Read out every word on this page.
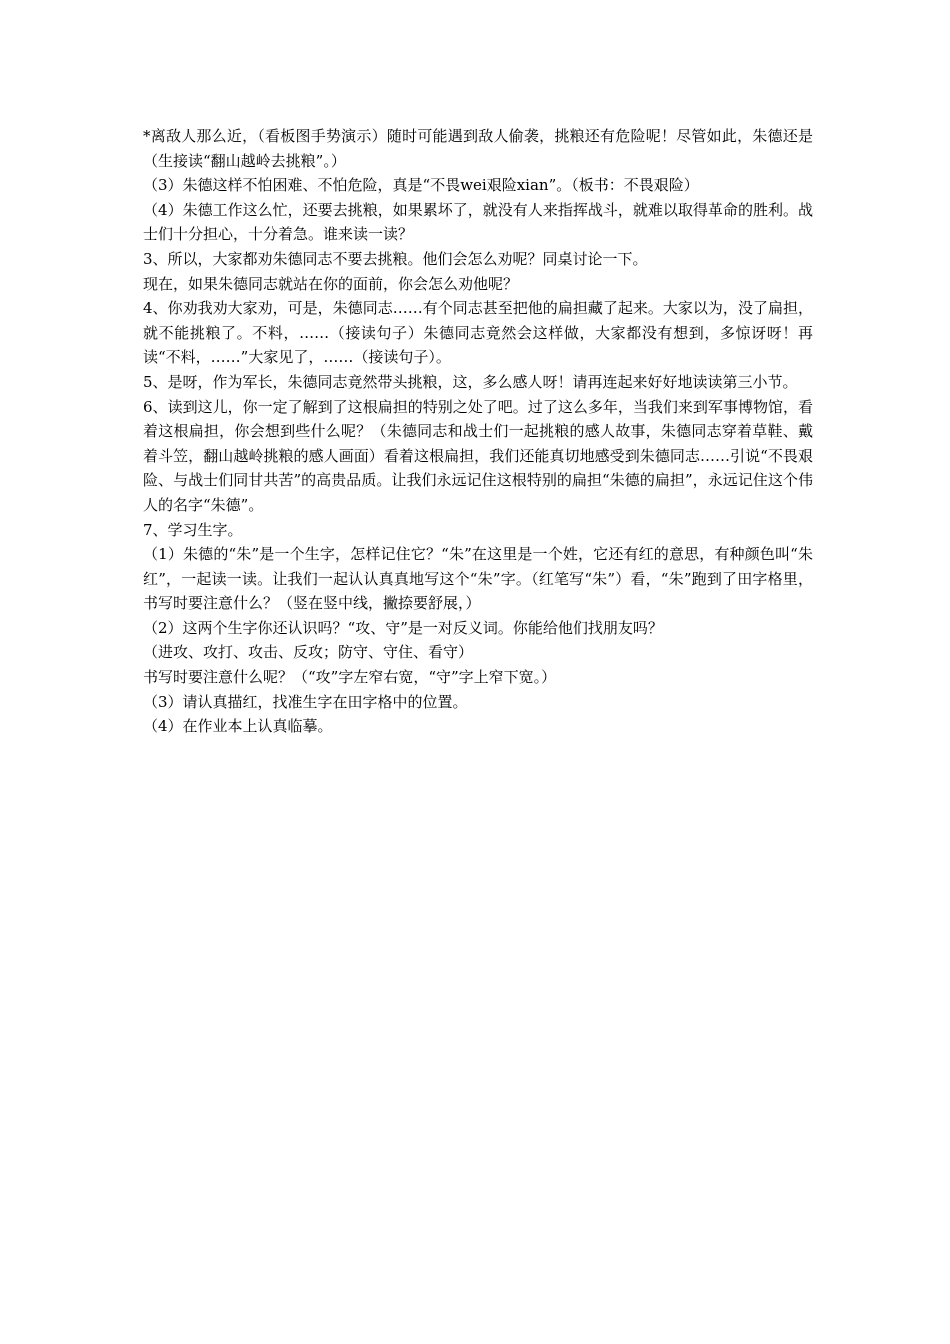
*离敌人那么近，（看板图手势演示）随时可能遇到敌人偷袭，挑粮还有危险呢！尽管如此，朱德还是（生接读“翻山越岭去挑粮”。）

（3）朱德这样不怕困难、不怕危险，真是“不畏wei艰险xian”。（板书：不畏艰险）

（4）朱德工作这么忙，还要去挑粮，如果累坏了，就没有人来指挥战斗，就难以取得革命的胜利。战士们十分担心，十分着急。谁来读一读？

3、所以，大家都劝朱德同志不要去挑粮。他们会怎么劝呢？同桌讨论一下。

现在，如果朱德同志就站在你的面前，你会怎么劝他呢？

4、你劝我劝大家劝，可是，朱德同志……有个同志甚至把他的扁担藏了起来。大家以为，没了扁担，就不能挑粮了。不料，……（接读句子）朱德同志竟然会这样做，大家都没有想到，多惊讶呀！再读“不料，……”大家见了，……（接读句子）。

5、是呀，作为军长，朱德同志竟然带头挑粮，这，多么感人呀！请再连起来好好地读读第三小节。

6、读到这儿，你一定了解到了这根扁担的特别之处了吧。过了这么多年，当我们来到军事博物馆，看着这根扁担，你会想到些什么呢？（朱德同志和战士们一起挑粮的感人故事，朱德同志穿着草鞋、戴着斗笠，翻山越岭挑粮的感人画面）看着这根扁担，我们还能真切地感受到朱德同志……引说“不畏艰险、与战士们同甘共苦”的高贵品质。让我们永远记住这根特别的扁担“朱德的扁担”，永远记住这个伟人的名字“朱德”。

7、学习生字。

（1）朱德的“朱”是一个生字，怎样记住它？“朱”在这里是一个姓，它还有红的意思，有种颜色叫“朱红”，一起读一读。让我们一起认认真真地写这个“朱”字。（红笔写“朱”）看，“朱”跑到了田字格里，书写时要注意什么？（竖在竖中线，撇捺要舒展，）

（2）这两个生字你还认识吗？“攻、守”是一对反义词。你能给他们找朋友吗？

（进攻、攻打、攻击、反攻；防守、守住、看守）

书写时要注意什么呢？（“攻”字左窄右宽，“守”字上窄下宽。）

（3）请认真描红，找准生字在田字格中的位置。

（4）在作业本上认真临摹。
